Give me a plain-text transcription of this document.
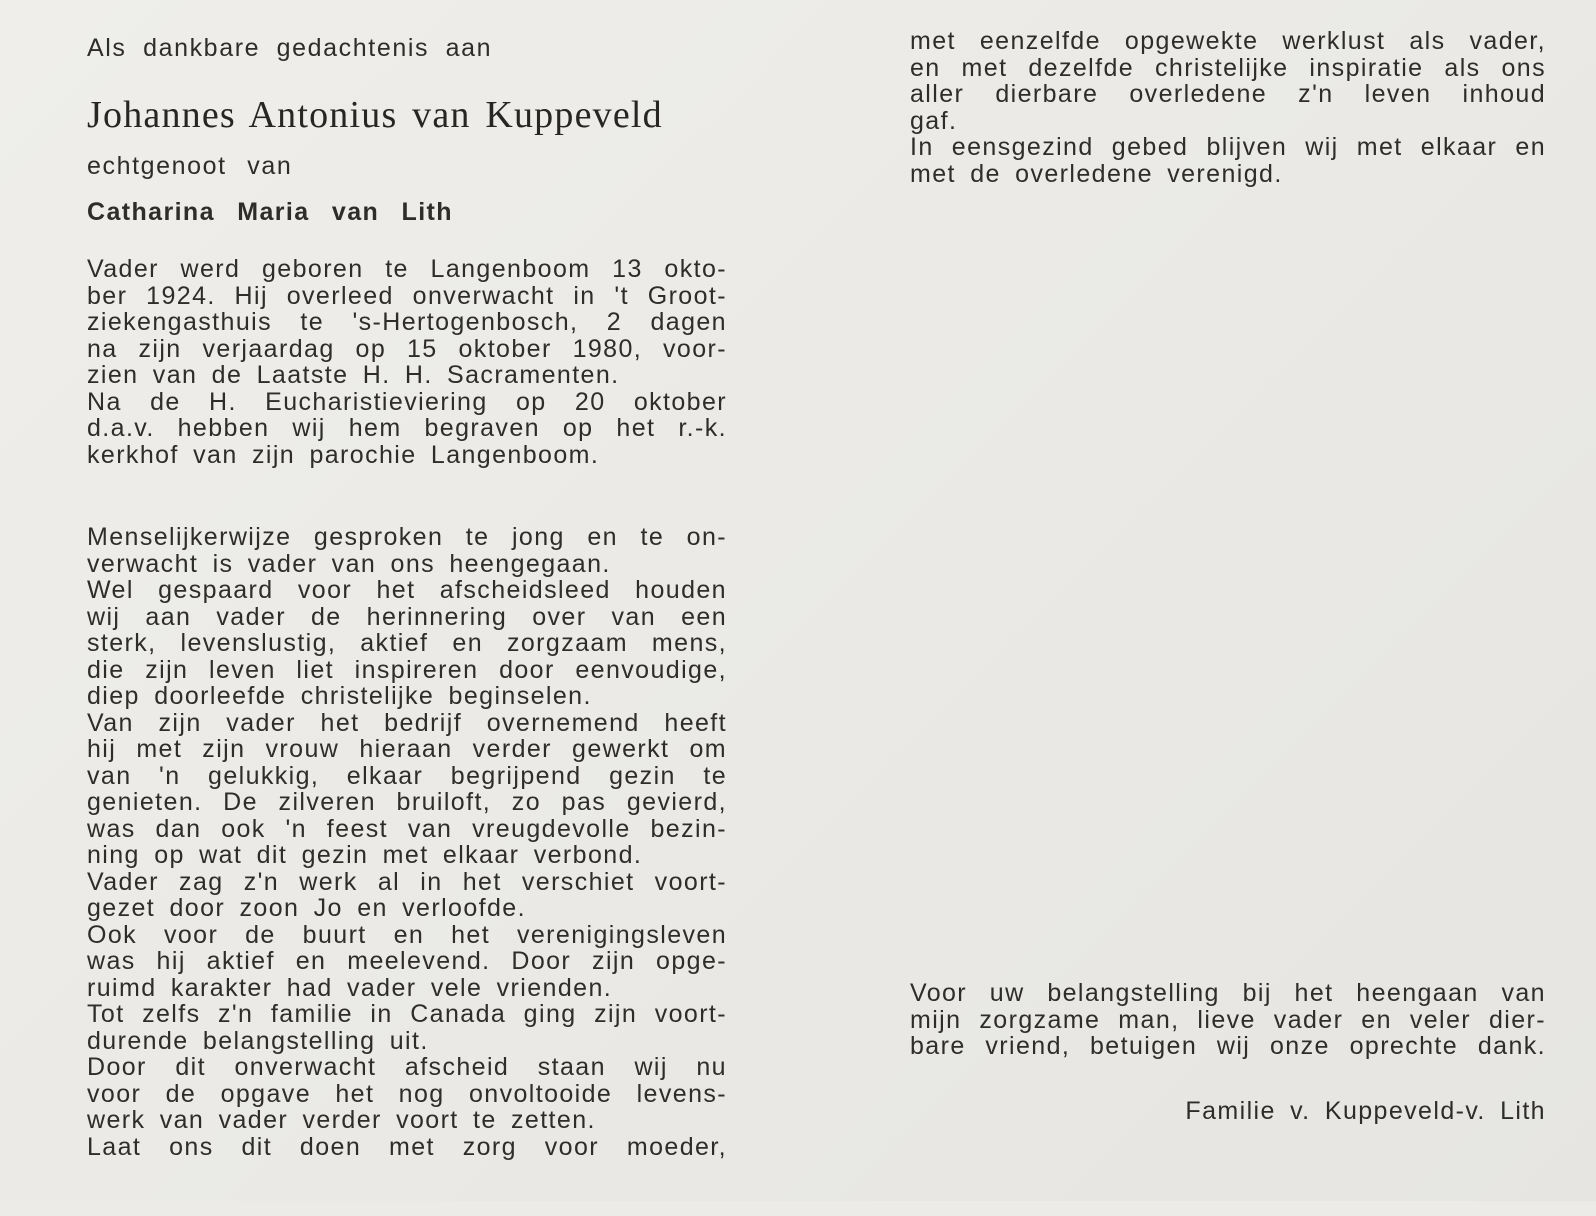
Als dankbare gedachtenis aan
Johannes Antonius van Kuppeveld
echtgenoot van
Catharina Maria van Lith
Vader werd geboren te Langenboom 13 okto-
ber 1924. Hij overleed onverwacht in 't Groot-
ziekengasthuis te 's-Hertogenbosch, 2 dagen
na zijn verjaardag op 15 oktober 1980, voor-
zien van de Laatste H. H. Sacramenten.
Na de H. Eucharistieviering op 20 oktober
d.a.v. hebben wij hem begraven op het r.-k.
kerkhof van zijn parochie Langenboom.
Menselijkerwijze gesproken te jong en te on-
verwacht is vader van ons heengegaan.
Wel gespaard voor het afscheidsleed houden
wij aan vader de herinnering over van een
sterk, levenslustig, aktief en zorgzaam mens,
die zijn leven liet inspireren door eenvoudige,
diep doorleefde christelijke beginselen.
Van zijn vader het bedrijf overnemend heeft
hij met zijn vrouw hieraan verder gewerkt om
van 'n gelukkig, elkaar begrijpend gezin te
genieten. De zilveren bruiloft, zo pas gevierd,
was dan ook 'n feest van vreugdevolle bezin-
ning op wat dit gezin met elkaar verbond.
Vader zag z'n werk al in het verschiet voort-
gezet door zoon Jo en verloofde.
Ook voor de buurt en het verenigingsleven
was hij aktief en meelevend. Door zijn opge-
ruimd karakter had vader vele vrienden.
Tot zelfs z'n familie in Canada ging zijn voort-
durende belangstelling uit.
Door dit onverwacht afscheid staan wij nu
voor de opgave het nog onvoltooide levens-
werk van vader verder voort te zetten.
Laat ons dit doen met zorg voor moeder,
met eenzelfde opgewekte werklust als vader,
en met dezelfde christelijke inspiratie als ons
aller dierbare overledene z'n leven inhoud
gaf.
In eensgezind gebed blijven wij met elkaar en
met de overledene verenigd.
Voor uw belangstelling bij het heengaan van
mijn zorgzame man, lieve vader en veler dier-
bare vriend, betuigen wij onze oprechte dank.
Familie v. Kuppeveld-v. Lith
